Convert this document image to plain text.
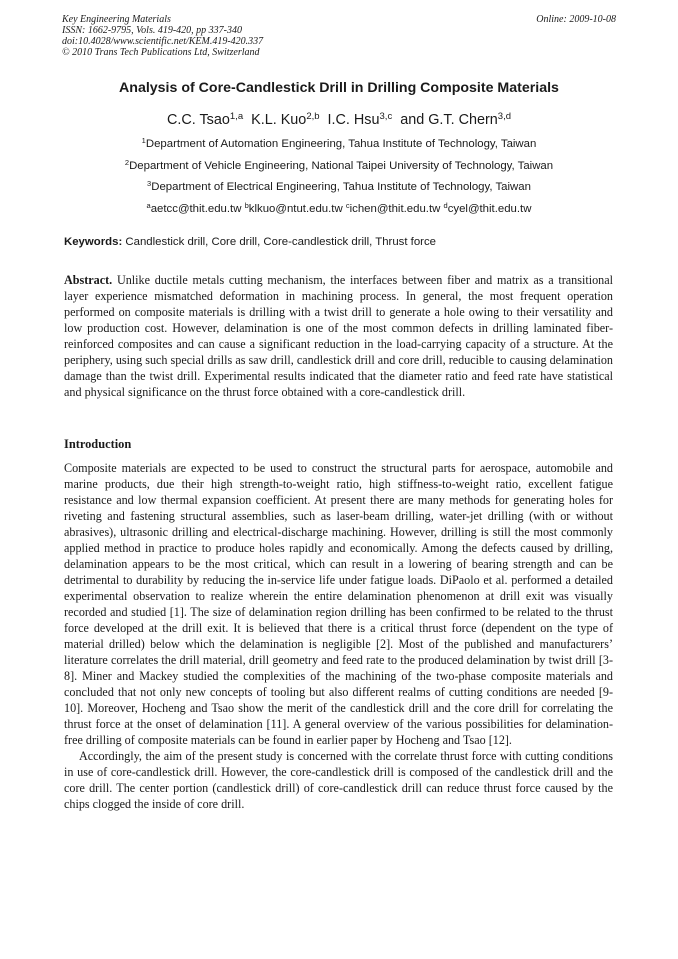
Key Engineering Materials
ISSN: 1662-9795, Vols. 419-420, pp 337-340
doi:10.4028/www.scientific.net/KEM.419-420.337
© 2010 Trans Tech Publications Ltd, Switzerland
Online: 2009-10-08
Analysis of Core-Candlestick Drill in Drilling Composite Materials
C.C. Tsao$^{1,a}$ K.L. Kuo$^{2,b}$ I.C. Hsu$^{3,c}$ and G.T. Chern$^{3,d}$
$^1$Department of Automation Engineering, Tahua Institute of Technology, Taiwan
$^2$Department of Vehicle Engineering, National Taipei University of Technology, Taiwan
$^3$Department of Electrical Engineering, Tahua Institute of Technology, Taiwan
$^a$aetcc@thit.edu.tw $^b$klkuo@ntut.edu.tw $^c$ichen@thit.edu.tw $^d$cyel@thit.edu.tw
Keywords: Candlestick drill, Core drill, Core-candlestick drill, Thrust force
Abstract. Unlike ductile metals cutting mechanism, the interfaces between fiber and matrix as a transitional layer experience mismatched deformation in machining process. In general, the most frequent operation performed on composite materials is drilling with a twist drill to generate a hole owing to their versatility and low production cost. However, delamination is one of the most common defects in drilling laminated fiber-reinforced composites and can cause a significant reduction in the load-carrying capacity of a structure. At the periphery, using such special drills as saw drill, candlestick drill and core drill, reducible to causing delamination damage than the twist drill. Experimental results indicated that the diameter ratio and feed rate have statistical and physical significance on the thrust force obtained with a core-candlestick drill.
Introduction
Composite materials are expected to be used to construct the structural parts for aerospace, automobile and marine products, due their high strength-to-weight ratio, high stiffness-to-weight ratio, excellent fatigue resistance and low thermal expansion coefficient. At present there are many methods for generating holes for riveting and fastening structural assemblies, such as laser-beam drilling, water-jet drilling (with or without abrasives), ultrasonic drilling and electrical-discharge machining. However, drilling is still the most commonly applied method in practice to produce holes rapidly and economically. Among the defects caused by drilling, delamination appears to be the most critical, which can result in a lowering of bearing strength and can be detrimental to durability by reducing the in-service life under fatigue loads. DiPaolo et al. performed a detailed experimental observation to realize wherein the entire delamination phenomenon at drill exit was visually recorded and studied [1]. The size of delamination region drilling has been confirmed to be related to the thrust force developed at the drill exit. It is believed that there is a critical thrust force (dependent on the type of material drilled) below which the delamination is negligible [2]. Most of the published and manufacturers’ literature correlates the drill material, drill geometry and feed rate to the produced delamination by twist drill [3-8]. Miner and Mackey studied the complexities of the machining of the two-phase composite materials and concluded that not only new concepts of tooling but also different realms of cutting conditions are needed [9-10]. Moreover, Hocheng and Tsao show the merit of the candlestick drill and the core drill for correlating the thrust force at the onset of delamination [11]. A general overview of the various possibilities for delamination-free drilling of composite materials can be found in earlier paper by Hocheng and Tsao [12].
Accordingly, the aim of the present study is concerned with the correlate thrust force with cutting conditions in use of core-candlestick drill. However, the core-candlestick drill is composed of the candlestick drill and the core drill. The center portion (candlestick drill) of core-candlestick drill can reduce thrust force caused by the chips clogged the inside of core drill.
